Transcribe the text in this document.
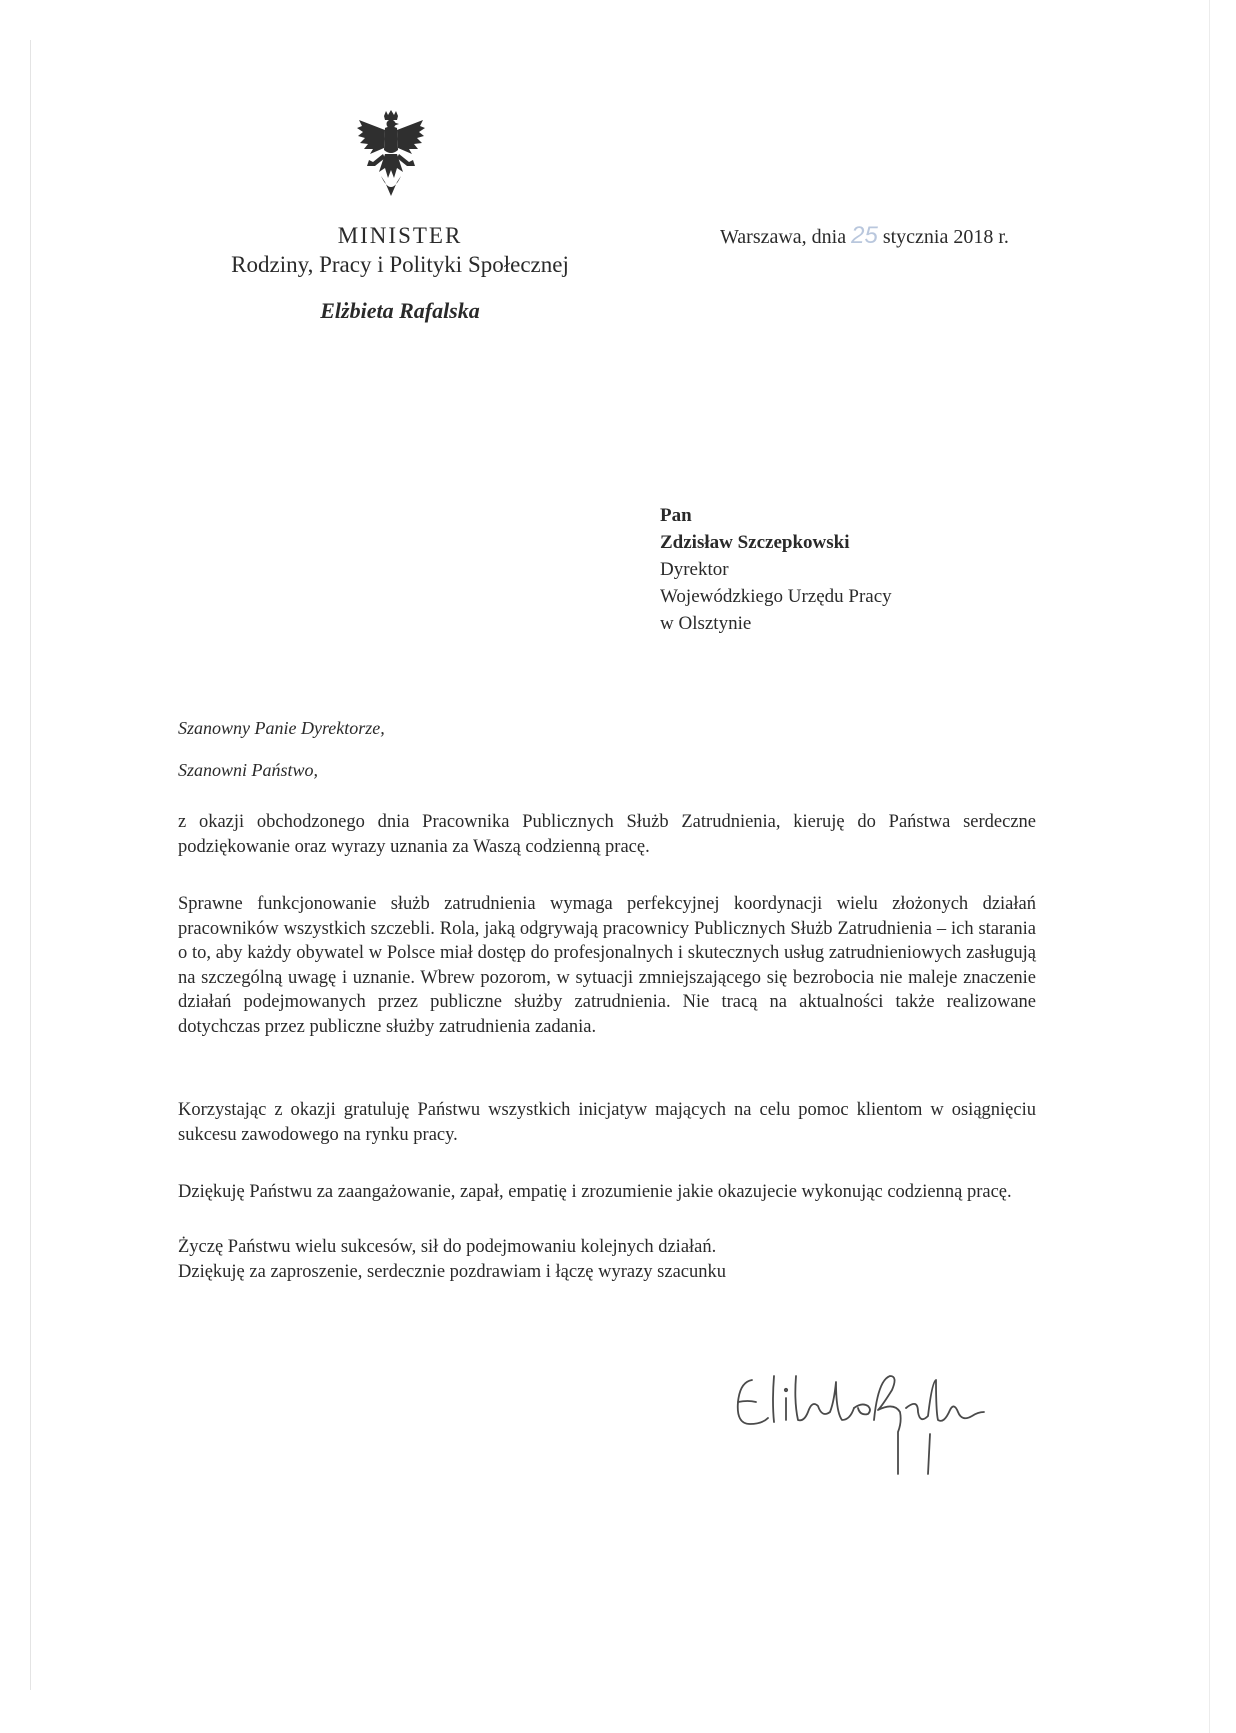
MINISTER
Rodziny, Pracy i Polityki Społecznej
Elżbieta Rafalska
Warszawa, dnia 25 stycznia 2018 r.
Pan
Zdzisław Szczepkowski
Dyrektor
Wojewódzkiego Urzędu Pracy
w Olsztynie
Szanowny Panie Dyrektorze,
Szanowni Państwo,
z okazji obchodzonego dnia Pracownika Publicznych Służb Zatrudnienia, kieruję do Państwa serdeczne podziękowanie oraz wyrazy uznania za Waszą codzienną pracę.
Sprawne funkcjonowanie służb zatrudnienia wymaga perfekcyjnej koordynacji wielu złożonych działań pracowników wszystkich szczebli. Rola, jaką odgrywają pracownicy Publicznych Służb Zatrudnienia – ich starania o to, aby każdy obywatel w Polsce miał dostęp do profesjonalnych i skutecznych usług zatrudnieniowych zasługują na szczególną uwagę i uznanie. Wbrew pozorom, w sytuacji zmniejszającego się bezrobocia nie maleje znaczenie działań podejmowanych przez publiczne służby zatrudnienia. Nie tracą na aktualności także realizowane dotychczas przez publiczne służby zatrudnienia zadania.
Korzystając z okazji gratuluję Państwu wszystkich inicjatyw mających na celu pomoc klientom w osiągnięciu sukcesu zawodowego na rynku pracy.
Dziękuję Państwu za zaangażowanie, zapał, empatię i zrozumienie jakie okazujecie wykonując codzienną pracę.
Życzę Państwu wielu sukcesów, sił do podejmowaniu kolejnych działań.
Dziękuję za zaproszenie, serdecznie pozdrawiam i łączę wyrazy szacunku
